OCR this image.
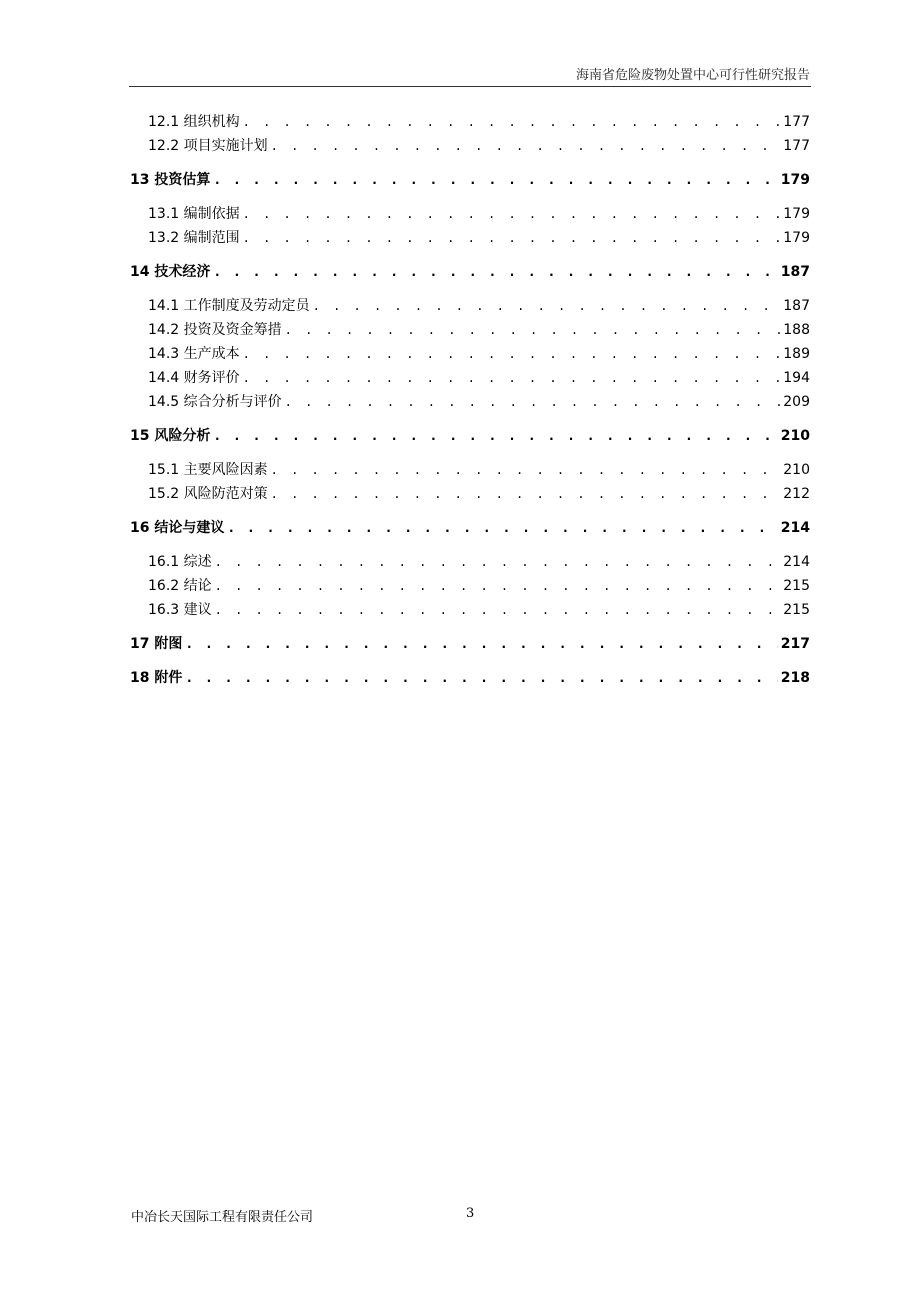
海南省危险废物处置中心可行性研究报告
12.1 组织机构 . . .	177
12.2 项目实施计划 . . .	177
13 投资估算 . . .	179
13.1 编制依据 . . .	179
13.2 编制范围 . . .	179
14 技术经济 . . .	187
14.1 工作制度及劳动定员 . . .	187
14.2 投资及资金筹措 . . .	188
14.3 生产成本 . . .	189
14.4 财务评价 . . .	194
14.5 综合分析与评价 . . .	209
15 风险分析 . . .	210
15.1 主要风险因素 . . .	210
15.2 风险防范对策 . . .	212
16 结论与建议 . . .	214
16.1 综述 . . .	214
16.2 结论 . . .	215
16.3 建议 . . .	215
17 附图 . . .	217
18 附件 . . .	218
中冶长天国际工程有限责任公司	3
